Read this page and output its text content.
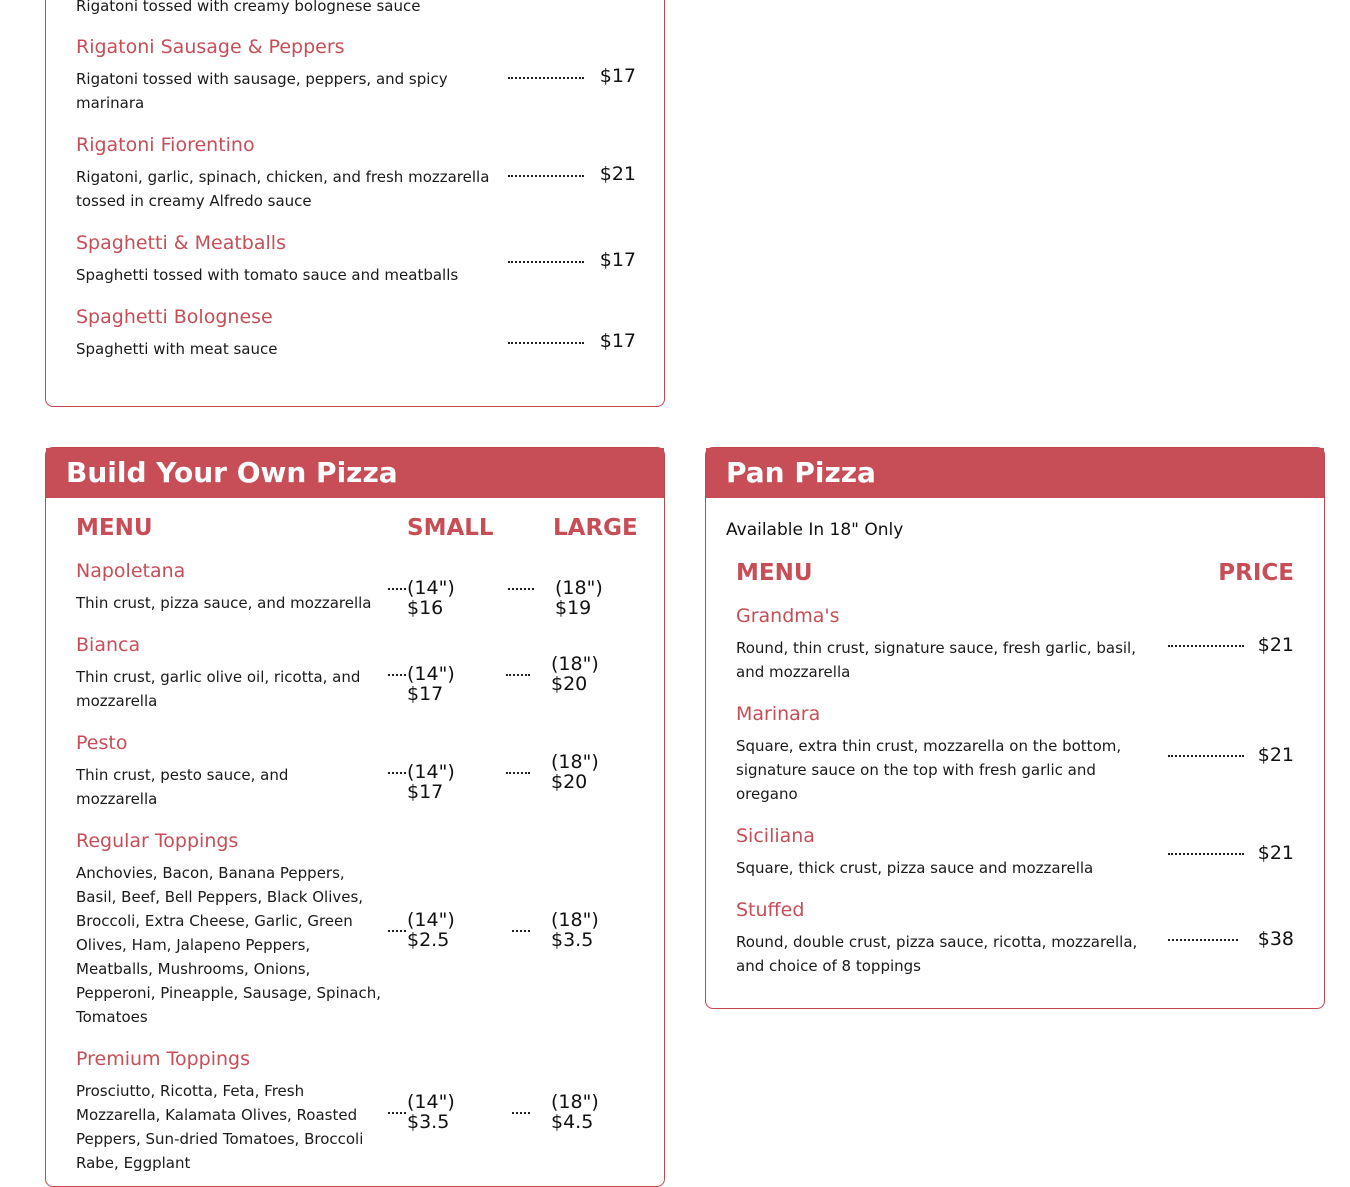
Rigatoni tossed with creamy bolognese sauce
Rigatoni Sausage & Peppers
Rigatoni tossed with sausage, peppers, and spicy marinara
$17
Rigatoni Fiorentino
Rigatoni, garlic, spinach, chicken, and fresh mozzarella tossed in creamy Alfredo sauce
$21
Spaghetti & Meatballs
Spaghetti tossed with tomato sauce and meatballs
$17
Spaghetti Bolognese
Spaghetti with meat sauce	$17
Build Your Own Pizza
MENU	SMALL	LARGE
Napoletana
Thin crust, pizza sauce, and mozzarella
(14") $16
(18") $19
Bianca
Thin crust, garlic olive oil, ricotta, and mozzarella
(14") $17
(18") $20
Pesto
Thin crust, pesto sauce, and mozzarella
(14") $17
(18") $20
Regular Toppings
Anchovies, Bacon, Banana Peppers, Basil, Beef, Bell Peppers, Black Olives, Broccoli, Extra Cheese, Garlic, Green Olives, Ham, Jalapeno Peppers, Meatballs, Mushrooms, Onions, Pepperoni, Pineapple, Sausage, Spinach, Tomatoes
(14") $2.5
(18") $3.5
Premium Toppings
Prosciutto, Ricotta, Feta, Fresh Mozzarella, Kalamata Olives, Roasted Peppers, Sun-dried Tomatoes, Broccoli Rabe, Eggplant
(14") $3.5
(18") $4.5
Pan Pizza
Available In 18" Only
MENU	PRICE
Grandma's
Round, thin crust, signature sauce, fresh garlic, basil, and mozzarella
$21
Marinara
Square, extra thin crust, mozzarella on the bottom, signature sauce on the top with fresh garlic and oregano
$21
Siciliana
Square, thick crust, pizza sauce and mozzarella
$21
Stuffed
Round, double crust, pizza sauce, ricotta, mozzarella, and choice of 8 toppings
$38
